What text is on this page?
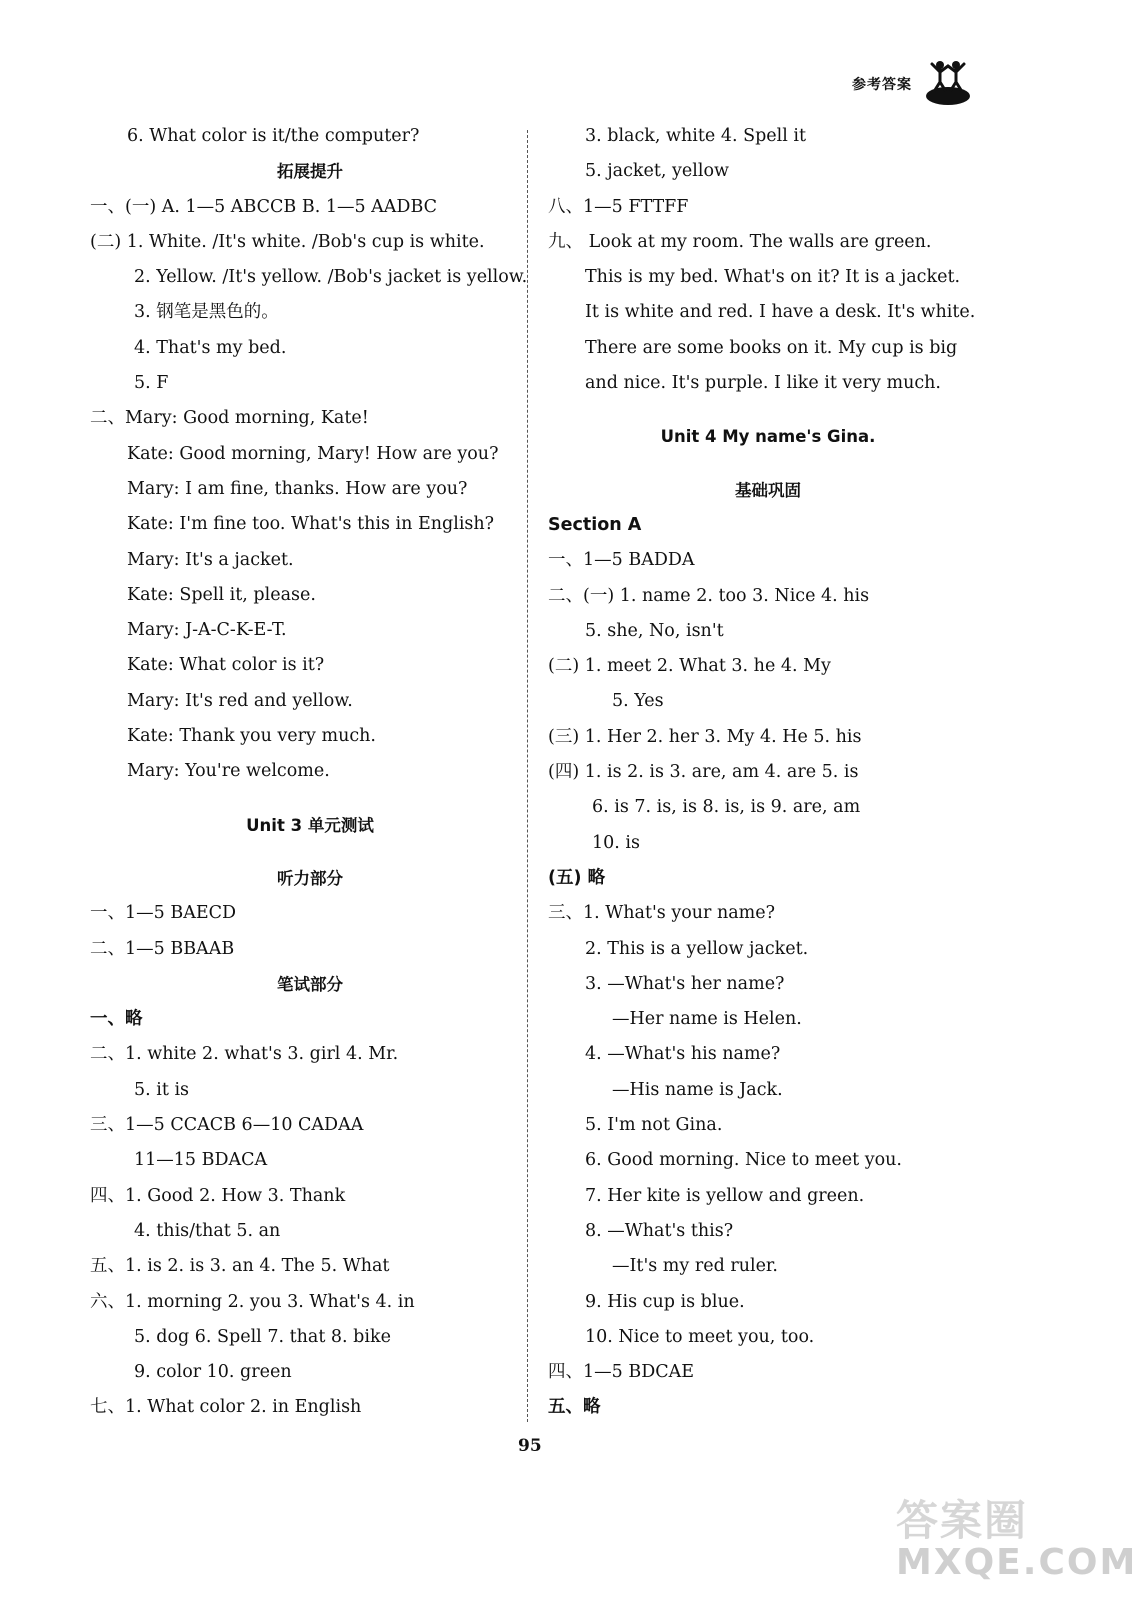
参考答案
6. What color is it/the computer?
拓展提升
一、(一) A. 1—5 ABCCB B. 1—5 AADBC
(二) 1. White. /It's white. /Bob's cup is white.
2. Yellow. /It's yellow. /Bob's jacket is yellow.
3. 钢笔是黑色的。
4. That's my bed.
5. F
二、Mary: Good morning, Kate!
Kate: Good morning, Mary! How are you?
Mary: I am fine, thanks. How are you?
Kate: I'm fine too. What's this in English?
Mary: It's a jacket.
Kate: Spell it, please.
Mary: J-A-C-K-E-T.
Kate: What color is it?
Mary: It's red and yellow.
Kate: Thank you very much.
Mary: You're welcome.
Unit 3 单元测试
听力部分
一、1—5 BAECD
二、1—5 BBAAB
笔试部分
一、略
二、1. white 2. what's 3. girl 4. Mr.
5. it is
三、1—5 CCACB 6—10 CADAA
11—15 BDACA
四、1. Good 2. How 3. Thank
4. this/that 5. an
五、1. is 2. is 3. an 4. The 5. What
六、1. morning 2. you 3. What's 4. in
5. dog 6. Spell 7. that 8. bike
9. color 10. green
七、1. What color 2. in English
3. black, white 4. Spell it
5. jacket, yellow
八、1—5 FTTFF
九、 Look at my room. The walls are green.
This is my bed. What's on it? It is a jacket.
It is white and red. I have a desk. It's white.
There are some books on it. My cup is big
and nice. It's purple. I like it very much.
Unit 4 My name's Gina.
基础巩固
Section A
一、1—5 BADDA
二、(一) 1. name 2. too 3. Nice 4. his
5. she, No, isn't
(二) 1. meet 2. What 3. he 4. My
5. Yes
(三) 1. Her 2. her 3. My 4. He 5. his
(四) 1. is 2. is 3. are, am 4. are 5. is
6. is 7. is, is 8. is, is 9. are, am
10. is
(五) 略
三、1. What's your name?
2. This is a yellow jacket.
3. —What's her name?
—Her name is Helen.
4. —What's his name?
—His name is Jack.
5. I'm not Gina.
6. Good morning. Nice to meet you.
7. Her kite is yellow and green.
8. —What's this?
—It's my red ruler.
9. His cup is blue.
10. Nice to meet you, too.
四、1—5 BDCAE
五、略
95
答案圈
MXQE.COM
